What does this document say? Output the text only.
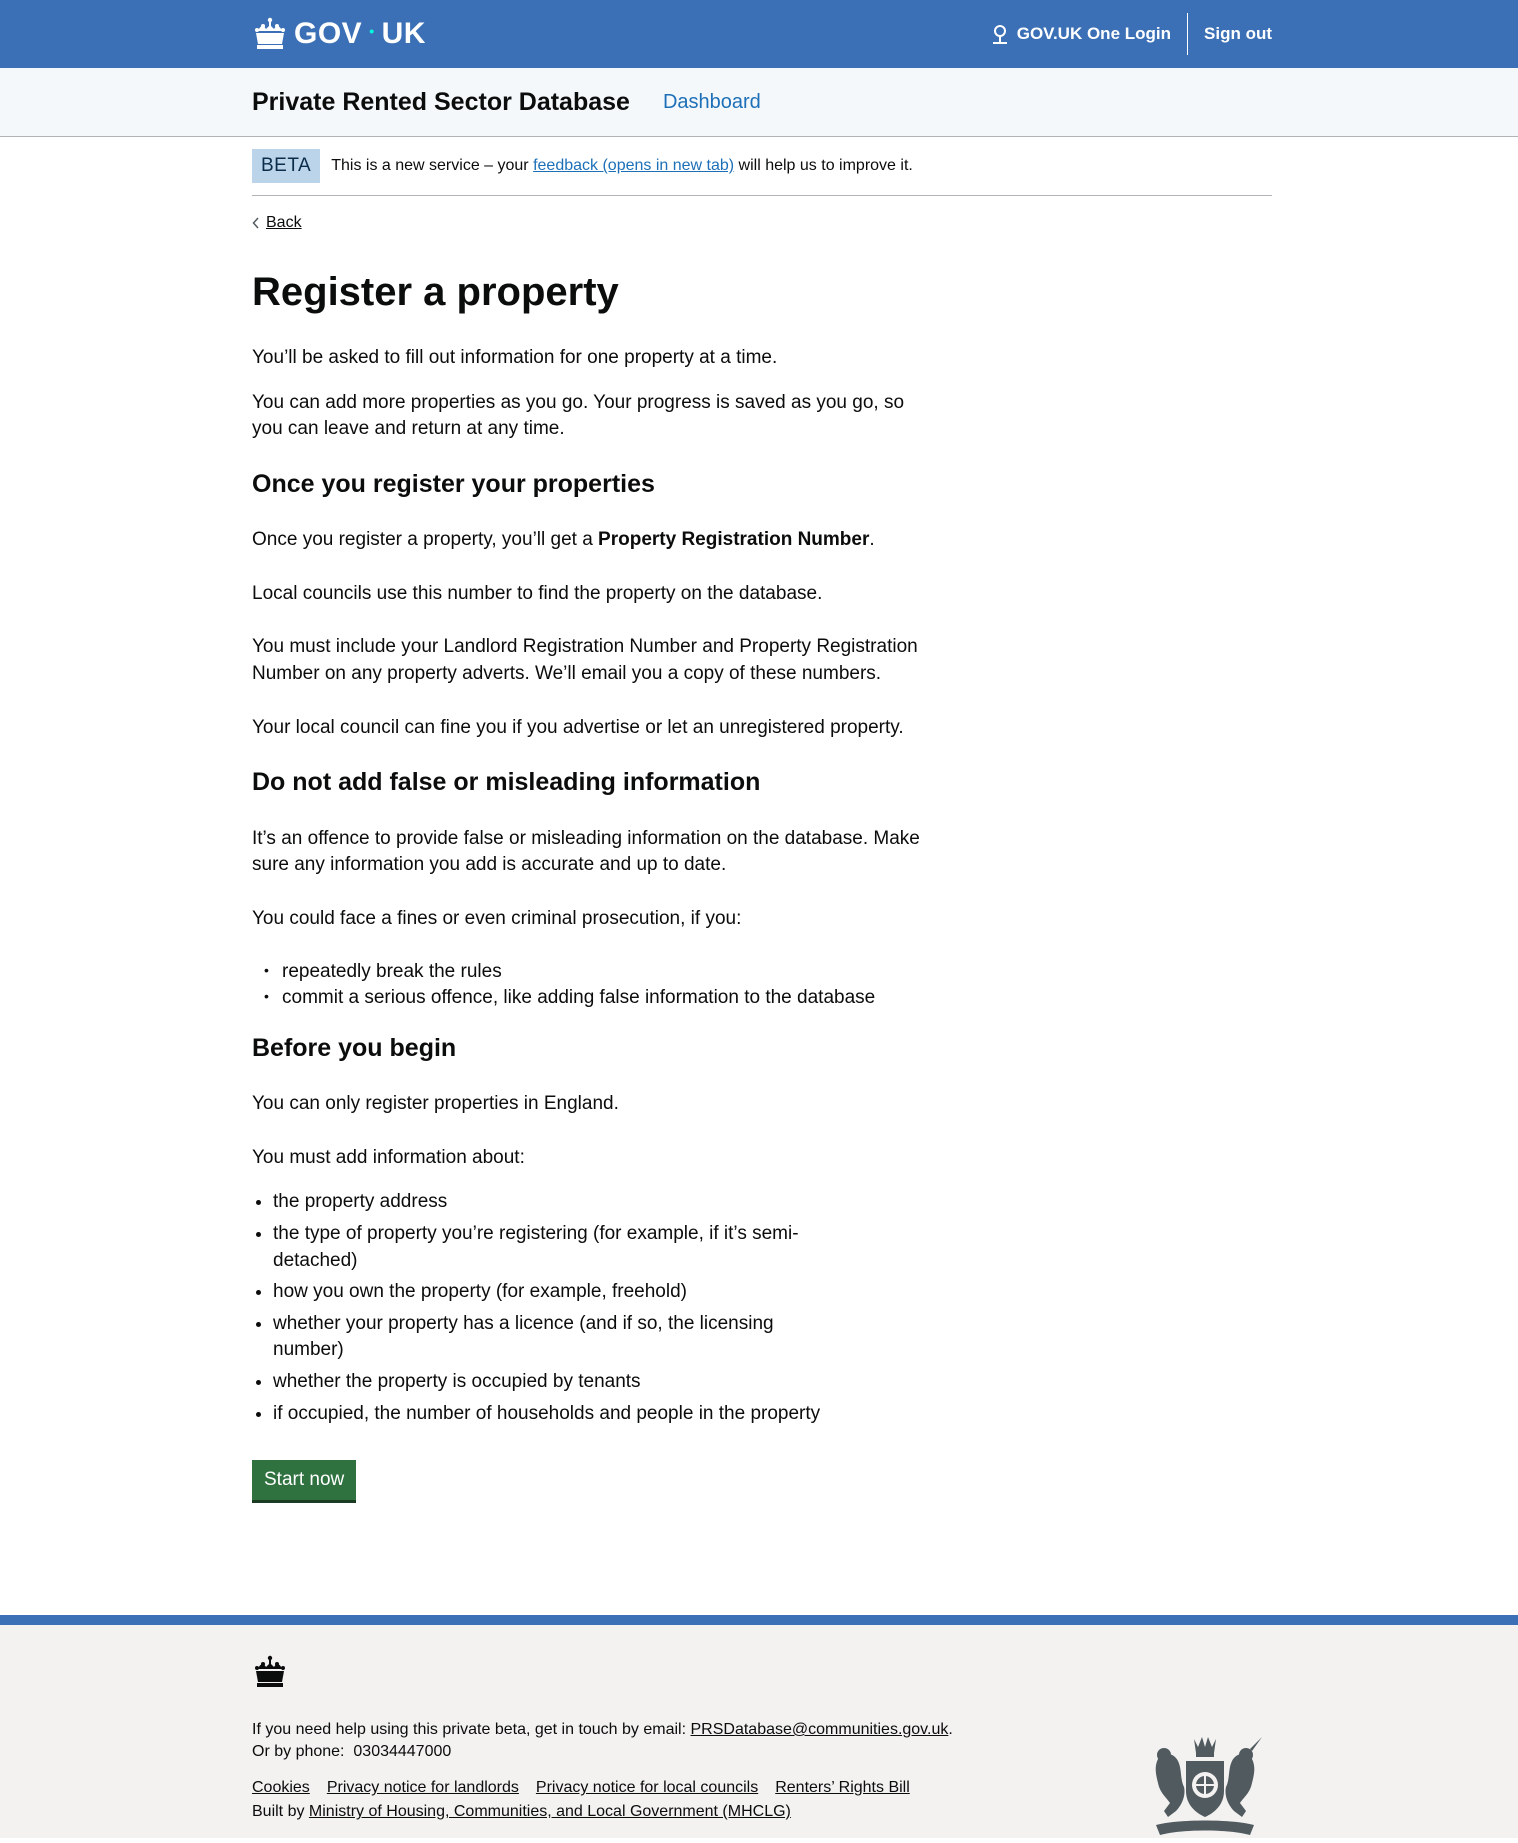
GOV • UK	GOV.UK One Login	Sign out
Private Rented Sector Database Dashboard
BETA	This is a new service – your feedback (opens in new tab) will help us to improve it.
Back
Register a property

You’ll be asked to fill out information for one property at a time.

You can add more properties as you go. Your progress is saved as you go, so you can leave and return at any time.

Once you register your properties

Once you register a property, you’ll get a Property Registration Number.

Local councils use this number to find the property on the database.

You must include your Landlord Registration Number and Property Registration Number on any property adverts. We’ll email you a copy of these numbers.

Your local council can fine you if you advertise or let an unregistered property.

Do not add false or misleading information

It’s an offence to provide false or misleading information on the database. Make sure any information you add is accurate and up to date.

You could face a fines or even criminal prosecution, if you:

• repeatedly break the rules
• commit a serious offence, like adding false information to the database
Before you begin

You can only register properties in England.

You must add information about:

• the property address
• the type of property you’re registering (for example, if it’s semi-detached)
• how you own the property (for example, freehold)
• whether your property has a licence (and if so, the licensing number)
• whether the property is occupied by tenants
• if occupied, the number of households and people in the property
Start now
If you need help using this private beta, get in touch by email: PRSDatabase@communities.gov.uk.
Or by phone:  03034447000
Cookies Privacy notice for landlords Privacy notice for local councils Renters’ Rights Bill
Built by Ministry of Housing, Communities, and Local Government (MHCLG)
